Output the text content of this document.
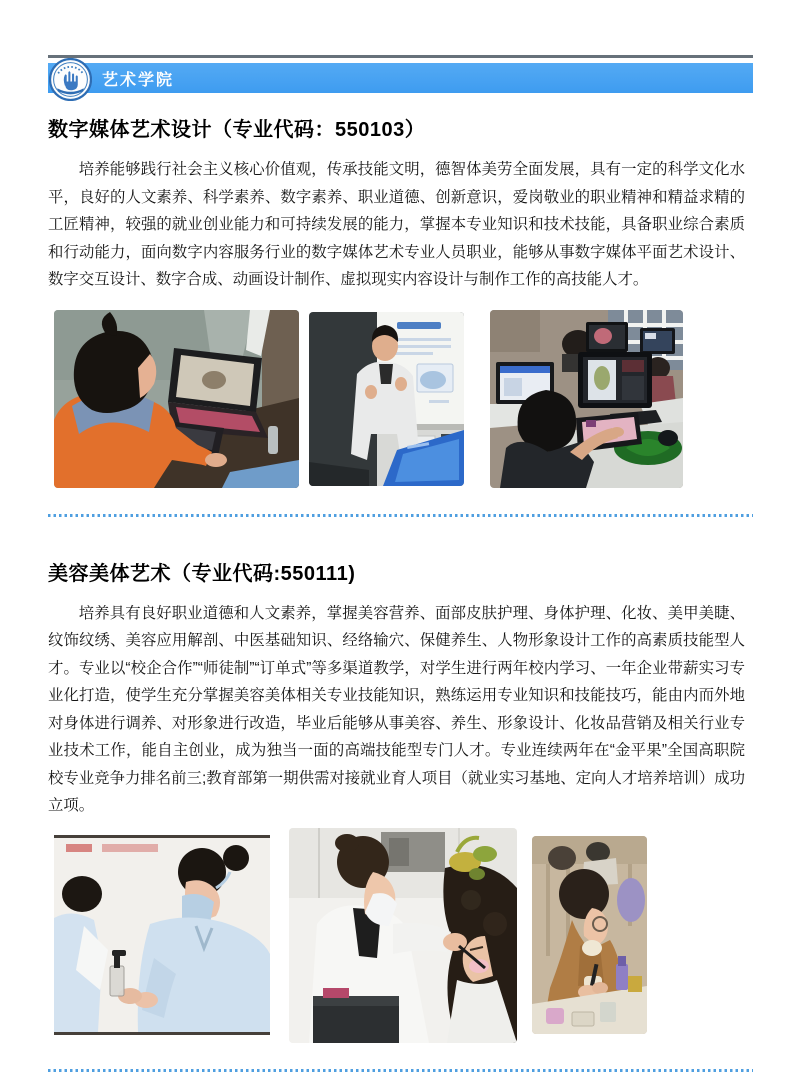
艺术学院
数字媒体艺术设计（专业代码：550103）

培养能够践行社会主义核心价值观，传承技能文明，德智体美劳全面发展，具有一定的科学文化水平，良好的人文素养、科学素养、数字素养、职业道德、创新意识，爱岗敬业的职业精神和精益求精的工匠精神，较强的就业创业能力和可持续发展的能力，掌握本专业知识和技术技能，具备职业综合素质和行动能力，面向数字内容服务行业的数字媒体艺术专业人员职业，能够从事数字媒体平面艺术设计、数字交互设计、数字合成、动画设计制作、虚拟现实内容设计与制作工作的高技能人才。

美容美体艺术（专业代码:550111)

培养具有良好职业道德和人文素养，掌握美容营养、面部皮肤护理、身体护理、化妆、美甲美睫、纹饰纹绣、美容应用解剖、中医基础知识、经络输穴、保健养生、人物形象设计工作的高素质技能型人才。专业以“校企合作”“师徒制”“订单式”等多渠道教学，对学生进行两年校内学习、一年企业带薪实习专业化打造，使学生充分掌握美容美体相关专业技能知识，熟练运用专业知识和技能技巧，能由内而外地对身体进行调养、对形象进行改造，毕业后能够从事美容、养生、形象设计、化妆品营销及相关行业专业技术工作，能自主创业，成为独当一面的高端技能型专门人才。专业连续两年在“金平果”全国高职院校专业竞争力排名前三;教育部第一期供需对接就业育人项目（就业实习基地、定向人才培养培训）成功立项。
